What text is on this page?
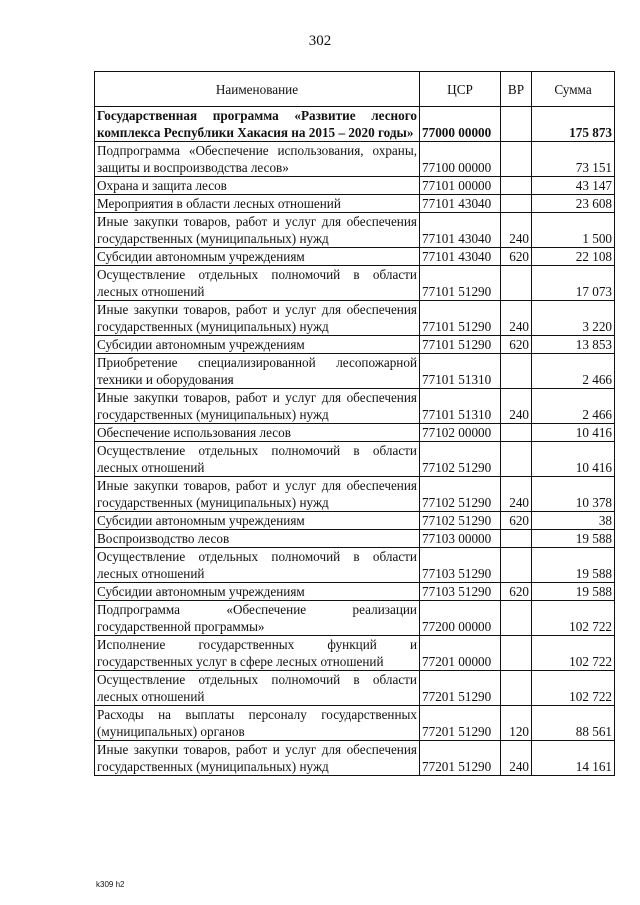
302
Наименование	ЦСР	ВР	Сумма
Государственная программа «Развитие лесного комплекса Республики Хакасия на 2015 – 2020 годы»	77000 00000		175 873
Подпрограмма «Обеспечение использования, охраны, защиты и воспроизводства лесов»	77100 00000		73 151
Охрана и защита лесов	77101 00000		43 147
Мероприятия в области лесных отношений	77101 43040		23 608
Иные закупки товаров, работ и услуг для обеспечения государственных (муниципальных) нужд	77101 43040	240	1 500
Субсидии автономным учреждениям	77101 43040	620	22 108
Осуществление отдельных полномочий в области лесных отношений	77101 51290		17 073
Иные закупки товаров, работ и услуг для обеспечения государственных (муниципальных) нужд	77101 51290	240	3 220
Субсидии автономным учреждениям	77101 51290	620	13 853
Приобретение специализированной лесопожарной техники и оборудования	77101 51310		2 466
Иные закупки товаров, работ и услуг для обеспечения государственных (муниципальных) нужд	77101 51310	240	2 466
Обеспечение использования лесов	77102 00000		10 416
Осуществление отдельных полномочий в области лесных отношений	77102 51290		10 416
Иные закупки товаров, работ и услуг для обеспечения государственных (муниципальных) нужд	77102 51290	240	10 378
Субсидии автономным учреждениям	77102 51290	620	38
Воспроизводство лесов	77103 00000		19 588
Осуществление отдельных полномочий в области лесных отношений	77103 51290		19 588
Субсидии автономным учреждениям	77103 51290	620	19 588
Подпрограмма «Обеспечение реализации государственной программы»	77200 00000		102 722
Исполнение государственных функций и государственных услуг в сфере лесных отношений	77201 00000		102 722
Осуществление отдельных полномочий в области лесных отношений	77201 51290		102 722
Расходы на выплаты персоналу государственных (муниципальных) органов	77201 51290	120	88 561
Иные закупки товаров, работ и услуг для обеспечения государственных (муниципальных) нужд	77201 51290	240	14 161
k309 h2
